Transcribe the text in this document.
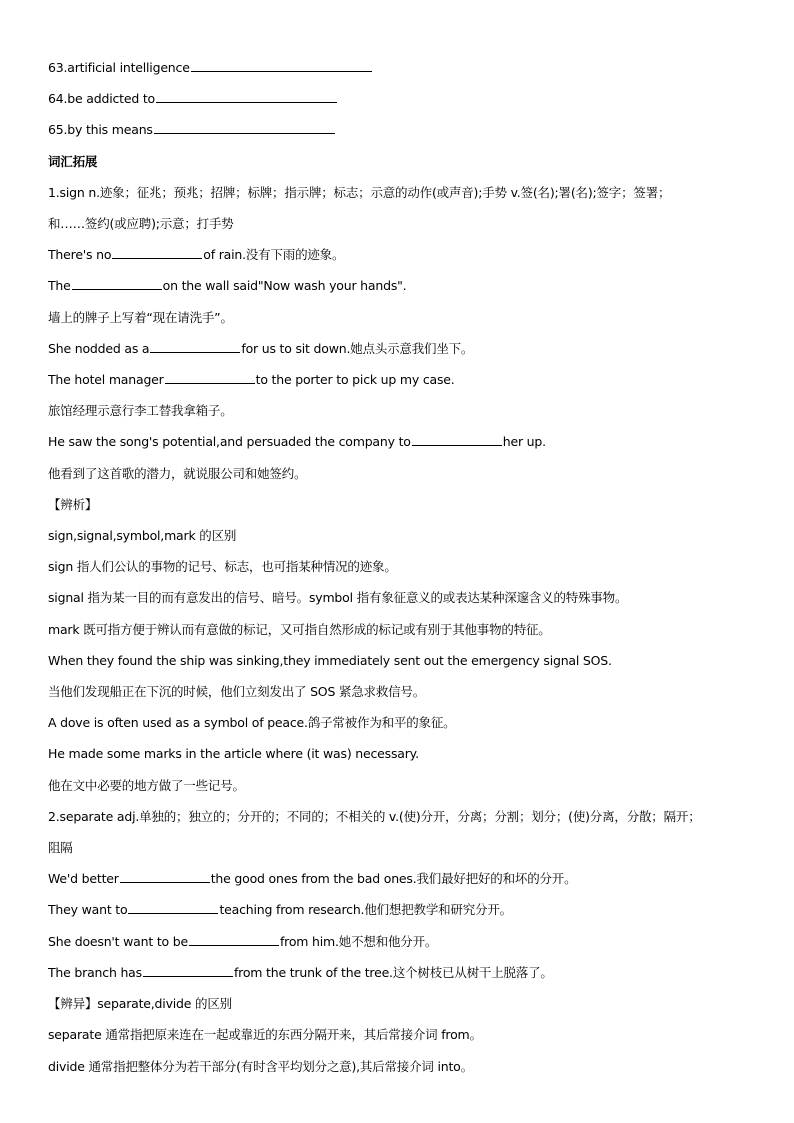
63.artificial intelligence
64.be addicted to
65.by this means
词汇拓展
1.sign n.迹象；征兆；预兆；招牌；标牌；指示牌；标志；示意的动作(或声音);手势 v.签(名);署(名);签字；签署；
和……签约(或应聘);示意；打手势
There's no	of rain.没有下雨的迹象。
The	on the wall said"Now wash your hands".
墙上的牌子上写着“现在请洗手”。
She nodded as a	for us to sit down.她点头示意我们坐下。
The hotel manager	to the porter to pick up my case.
旅馆经理示意行李工替我拿箱子。
He saw the song's potential,and persuaded the company to	her up.
他看到了这首歌的潜力，就说服公司和她签约。
【辨析】
sign,signal,symbol,mark 的区别
sign 指人们公认的事物的记号、标志，也可指某种情况的迹象。
signal 指为某一目的而有意发出的信号、暗号。symbol 指有象征意义的或表达某种深邃含义的特殊事物。
mark 既可指方便于辨认而有意做的标记，又可指自然形成的标记或有别于其他事物的特征。
When they found the ship was sinking,they immediately sent out the emergency signal SOS.
当他们发现船正在下沉的时候，他们立刻发出了 SOS 紧急求救信号。
A dove is often used as a symbol of peace.鸽子常被作为和平的象征。
He made some marks in the article where (it was) necessary.
他在文中必要的地方做了一些记号。
2.separate adj.单独的；独立的；分开的；不同的；不相关的 v.(使)分开，分离；分割；划分；(使)分离，分散；隔开；
阻隔
We'd better	the good ones from the bad ones.我们最好把好的和坏的分开。
They want to	teaching from research.他们想把教学和研究分开。
She doesn't want to be	from him.她不想和他分开。
The branch has	from the trunk of the tree.这个树枝已从树干上脱落了。
【辨异】separate,divide 的区别
separate 通常指把原来连在一起或靠近的东西分隔开来，其后常接介词 from。
divide 通常指把整体分为若干部分(有时含平均划分之意),其后常接介词 into。
